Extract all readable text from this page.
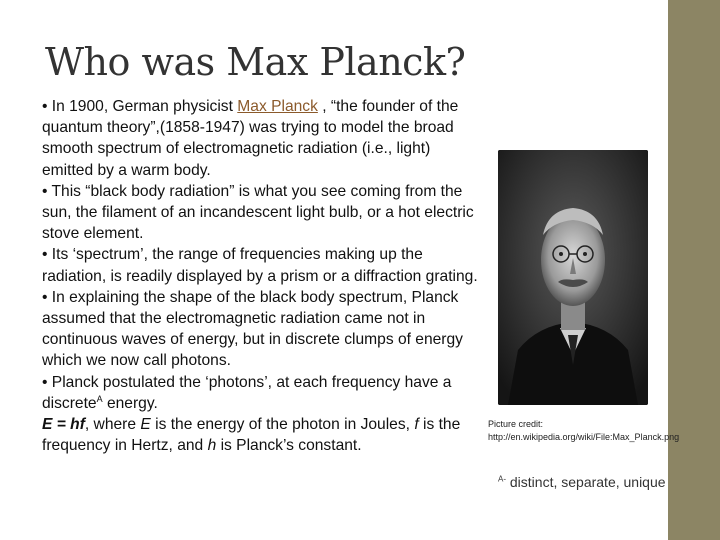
Who was Max Planck?

• In 1900, German physicist Max Planck , “the founder of the quantum theory”,(1858-1947) was trying to model the broad smooth spectrum of electromagnetic radiation (i.e., light) emitted by a warm body.

• This “black body radiation” is what you see coming from the sun, the filament of an incandescent light bulb, or a hot electric stove element.

• Its ‘spectrum’, the range of frequencies making up the radiation, is readily displayed by a prism or a diffraction grating.

• In explaining the shape of the black body spectrum, Planck assumed that the electromagnetic radiation came not in continuous waves of energy, but in discrete clumps of energy which we now call photons.

• Planck postulated the ‘photons’, at each frequency have a discrete$^A$ energy.

E = hf, where E is the energy of the photon in Joules, f is the frequency in Hertz, and h is Planck’s constant.

Picture credit:
http://en.wikipedia.org/wiki/File:Max_Planck.png
$^{A-}$ distinct, separate, unique
